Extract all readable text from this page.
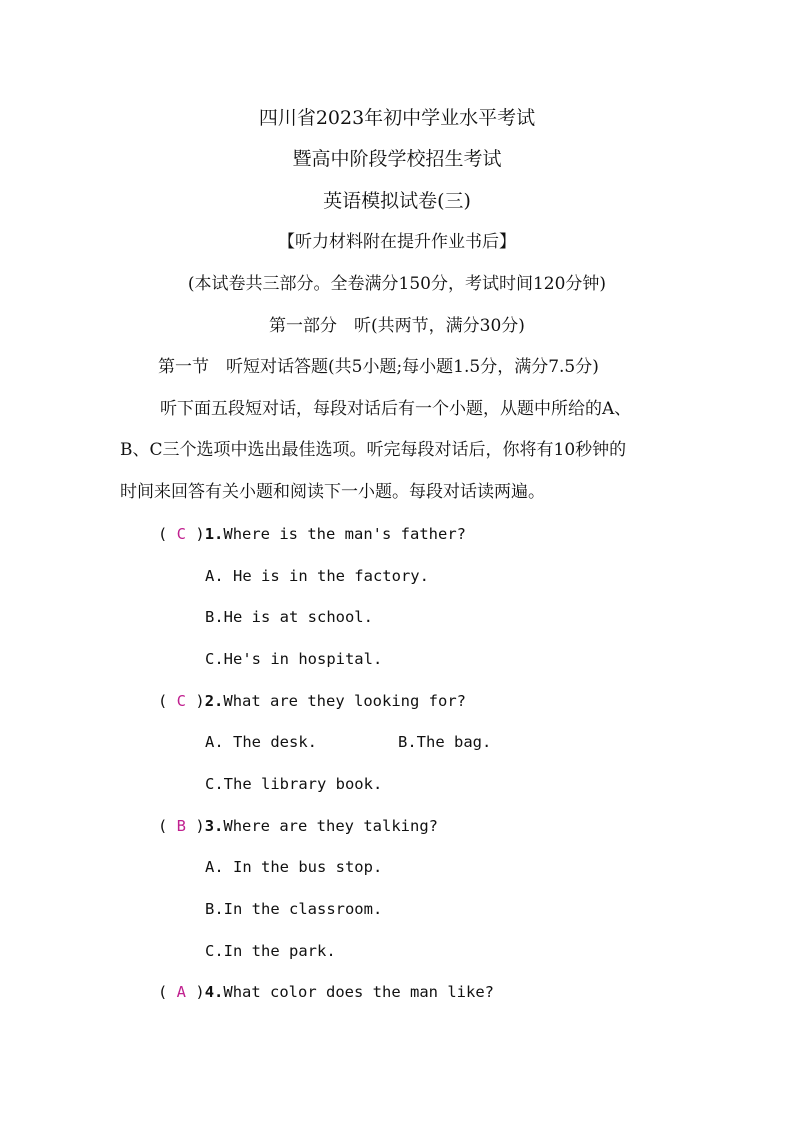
四川省2023年初中学业水平考试
暨高中阶段学校招生考试
英语模拟试卷(三)
【听力材料附在提升作业书后】
(本试卷共三部分。全卷满分150分，考试时间120分钟)
第一部分　听(共两节，满分30分)
第一节　听短对话答题(共5小题;每小题1.5分，满分7.5分)
听下面五段短对话，每段对话后有一个小题，从题中所给的A、
B、C三个选项中选出最佳选项。听完每段对话后，你将有10秒钟的
时间来回答有关小题和阅读下一小题。每段对话读两遍。
( C )1.Where is the man's father?
A. He is in the factory.
B.He is at school.
C.He's in hospital.
( C )2.What are they looking for?
A. The desk.	B.The bag.
C.The library book.
( B )3.Where are they talking?
A. In the bus stop.
B.In the classroom.
C.In the park.
( A )4.What color does the man like?
